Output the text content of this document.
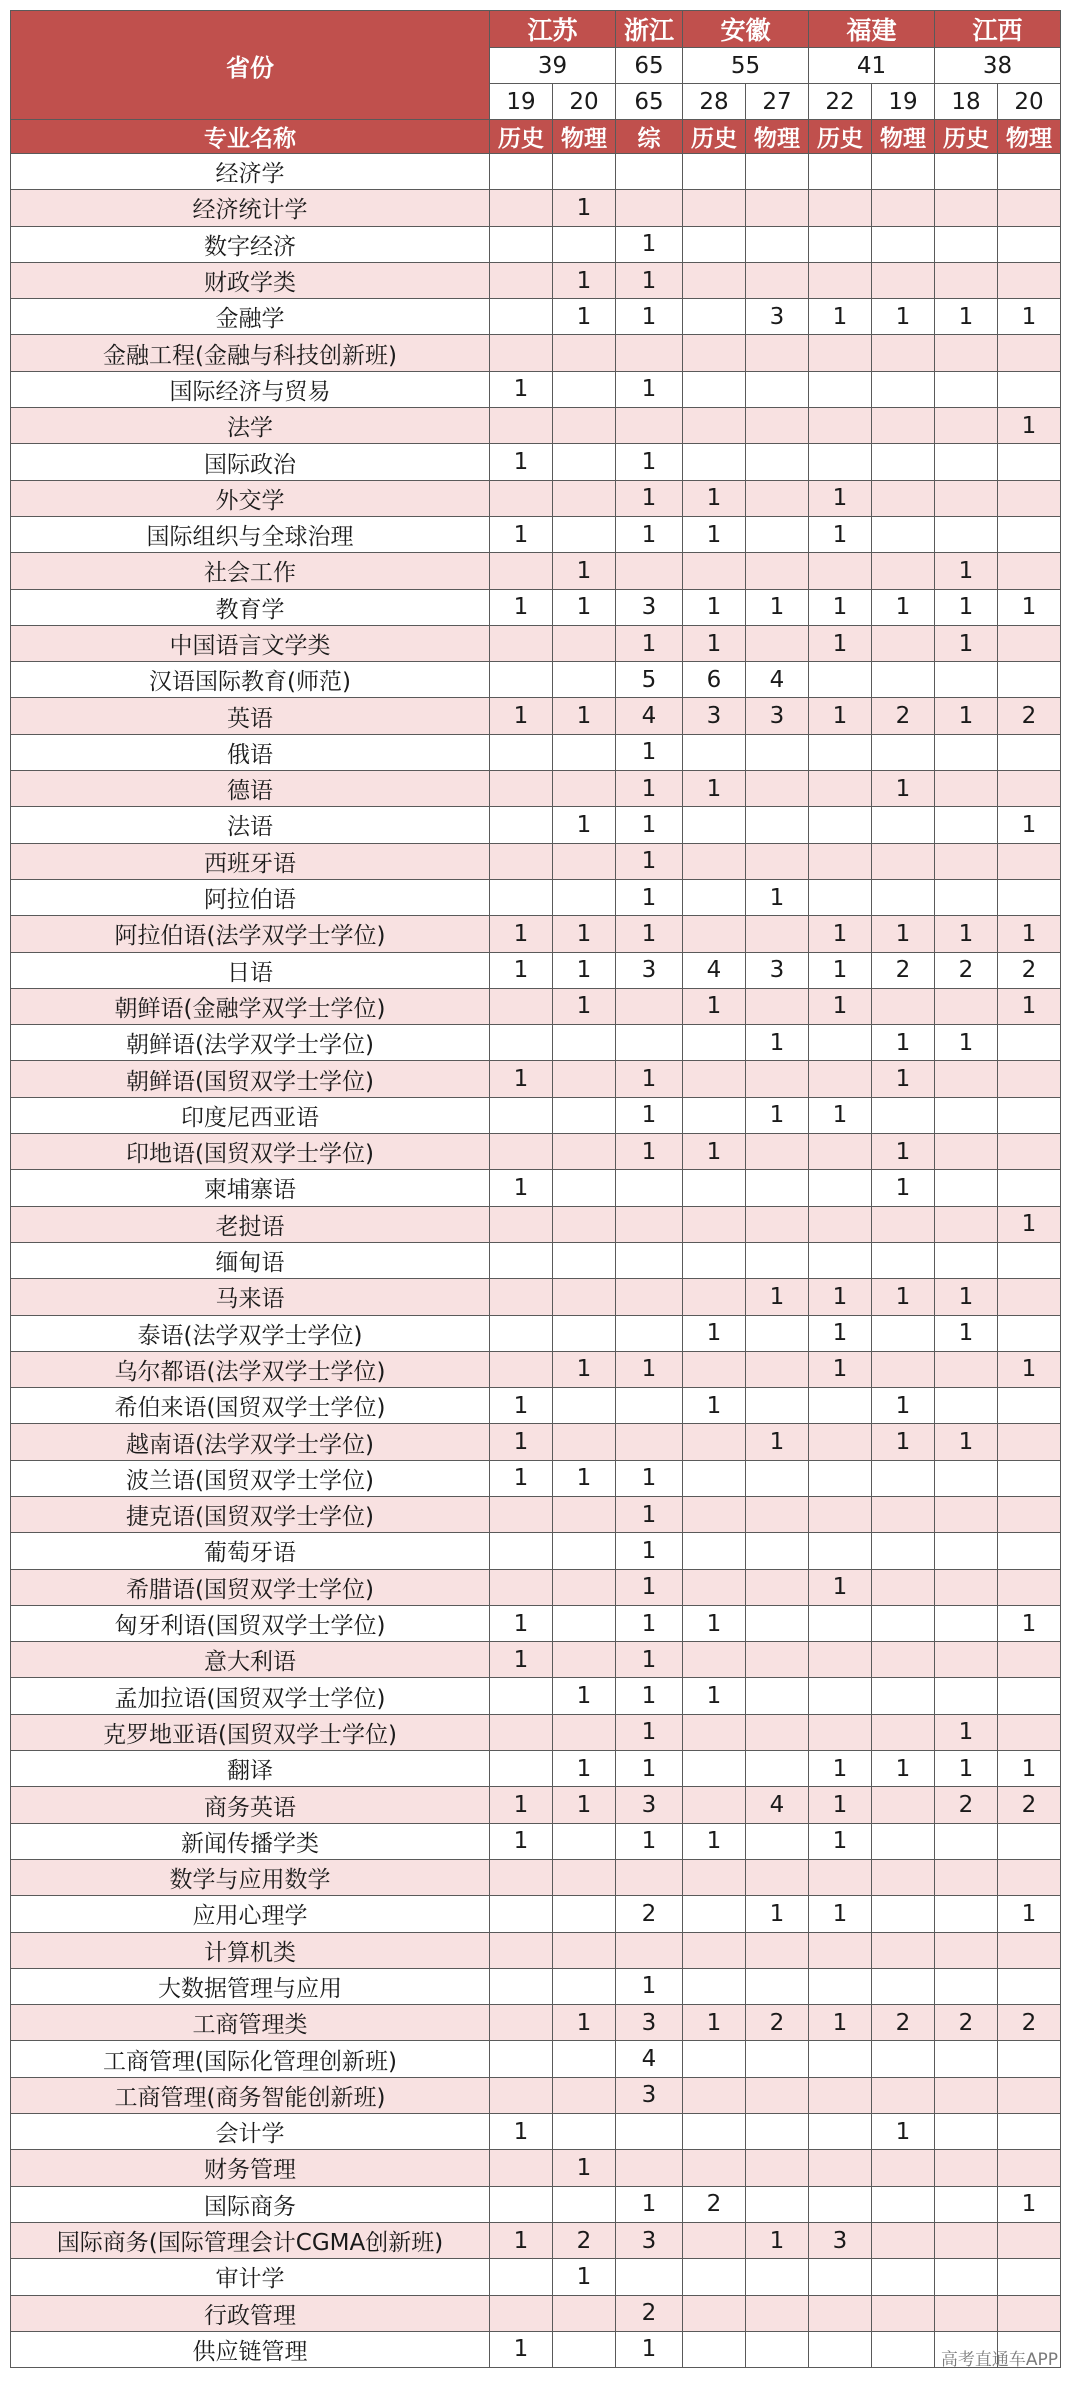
省份	江苏		浙江	安徽		福建		江西	
	39		65	55		41		38	
	19	20	65	28	27	22	19	18	20
专业名称	历史	物理	综	历史	物理	历史	物理	历史	物理
经济学									
经济统计学		1							
数字经济			1						
财政学类		1	1						
金融学		1	1		3	1	1	1	1
金融工程(金融与科技创新班)									
国际经济与贸易	1		1						
法学									1
国际政治	1		1						
外交学			1	1		1			
国际组织与全球治理	1		1	1		1			
社会工作		1						1	
教育学	1	1	3	1	1	1	1	1	1
中国语言文学类			1	1		1		1	
汉语国际教育(师范)			5	6	4				
英语	1	1	4	3	3	1	2	1	2
俄语			1						
德语			1	1			1		
法语		1	1						1
西班牙语			1						
阿拉伯语			1		1				
阿拉伯语(法学双学士学位)	1	1	1			1	1	1	1
日语	1	1	3	4	3	1	2	2	2
朝鲜语(金融学双学士学位)		1		1		1			1
朝鲜语(法学双学士学位)					1		1	1	
朝鲜语(国贸双学士学位)	1		1				1		
印度尼西亚语			1		1	1			
印地语(国贸双学士学位)			1	1			1		
柬埔寨语	1						1		
老挝语									1
缅甸语									
马来语					1	1	1	1	
泰语(法学双学士学位)				1		1		1	
乌尔都语(法学双学士学位)		1	1			1			1
希伯来语(国贸双学士学位)	1			1			1		
越南语(法学双学士学位)	1				1		1	1	
波兰语(国贸双学士学位)	1	1	1						
捷克语(国贸双学士学位)			1						
葡萄牙语			1						
希腊语(国贸双学士学位)			1			1			
匈牙利语(国贸双学士学位)	1		1	1					1
意大利语	1		1						
孟加拉语(国贸双学士学位)		1	1	1					
克罗地亚语(国贸双学士学位)			1					1	
翻译		1	1			1	1	1	1
商务英语	1	1	3		4	1		2	2
新闻传播学类	1		1	1		1			
数学与应用数学									
应用心理学			2		1	1			1
计算机类									
大数据管理与应用			1						
工商管理类		1	3	1	2	1	2	2	2
工商管理(国际化管理创新班)			4						
工商管理(商务智能创新班)			3						
会计学	1						1		
财务管理		1							
国际商务			1	2					1
国际商务(国际管理会计CGMA创新班)	1	2	3		1	3			
审计学		1							
行政管理			2						
供应链管理	1		1							高考直通车APP
